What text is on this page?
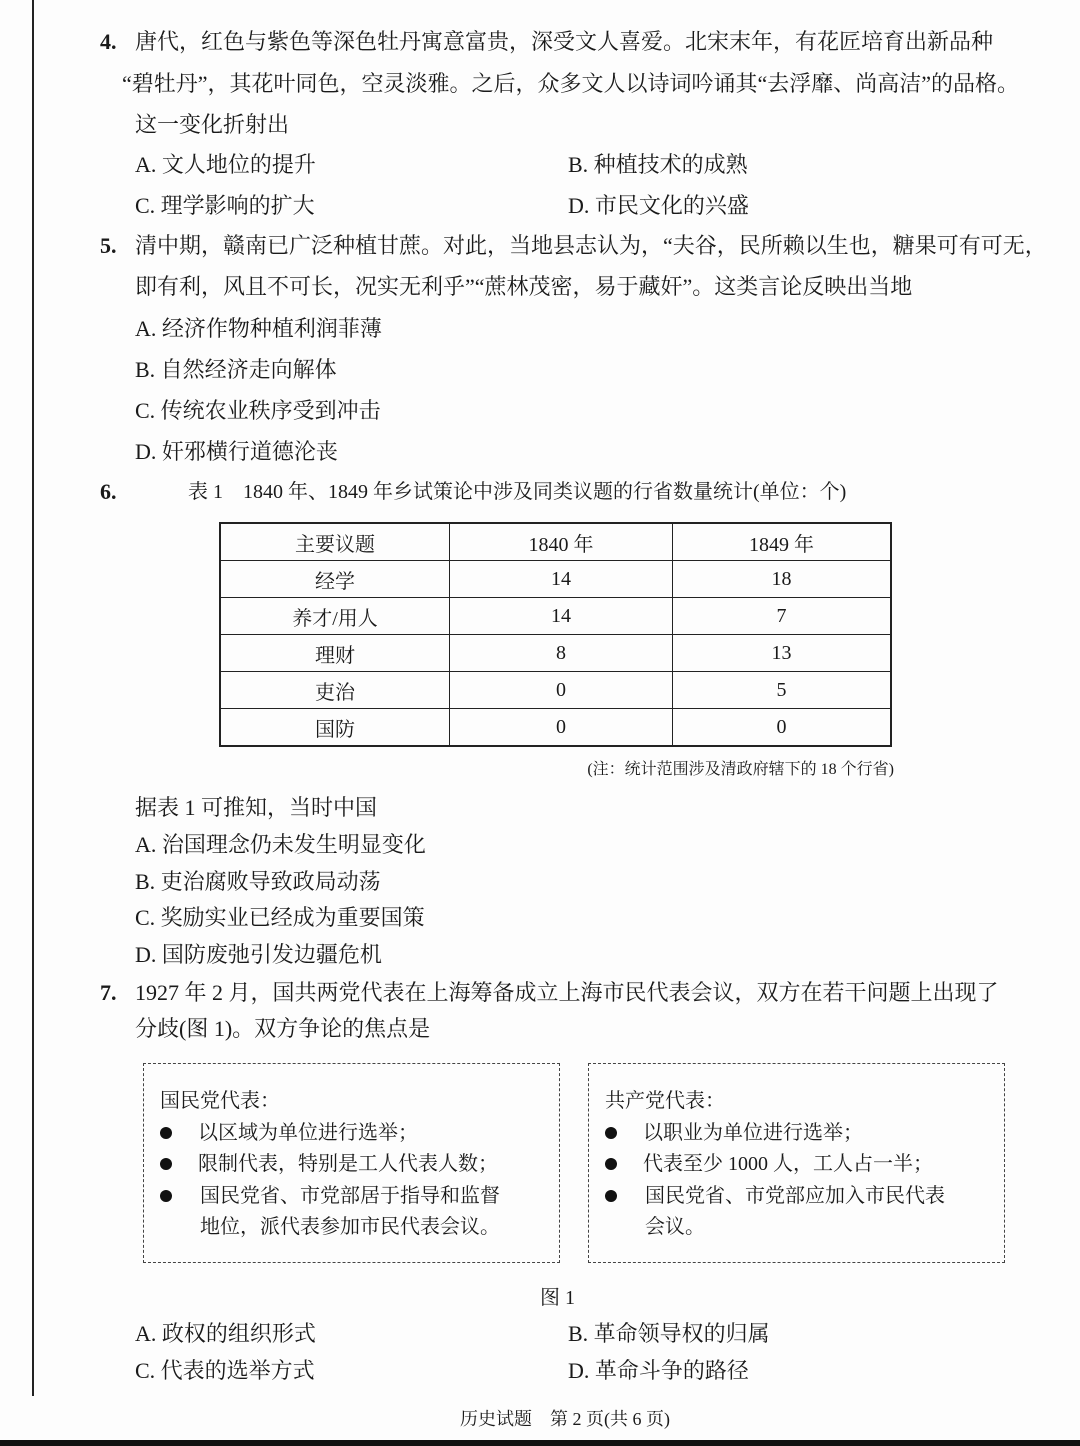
4. 唐代，红色与紫色等深色牡丹寓意富贵，深受文人喜爱。北宋末年，有花匠培育出新品种
“碧牡丹”，其花叶同色，空灵淡雅。之后，众多文人以诗词吟诵其“去浮靡、尚高洁”的品格。
这一变化折射出
A. 文人地位的提升	B. 种植技术的成熟
C. 理学影响的扩大	D. 市民文化的兴盛
5. 清中期，赣南已广泛种植甘蔗。对此，当地县志认为，“夫谷，民所赖以生也，糖果可有可无，
即有利，风且不可长，况实无利乎”“蔗林茂密，易于藏奸”。这类言论反映出当地
A. 经济作物种植利润菲薄
B. 自然经济走向解体
C. 传统农业秩序受到冲击
D. 奸邪横行道德沦丧
6.	表 1　1840 年、1849 年乡试策论中涉及同类议题的行省数量统计(单位：个)
主要议题	1840 年	1849 年
经学	14	18
养才/用人	14	7
理财	8	13
吏治	0	5
国防	0	0
(注：统计范围涉及清政府辖下的 18 个行省)
据表 1 可推知，当时中国
A. 治国理念仍未发生明显变化
B. 吏治腐败导致政局动荡
C. 奖励实业已经成为重要国策
D. 国防废弛引发边疆危机
7. 1927 年 2 月，国共两党代表在上海筹备成立上海市民代表会议，双方在若干问题上出现了
分歧(图 1)。双方争论的焦点是
国民党代表：
以区域为单位进行选举；
限制代表，特别是工人代表人数；
国民党省、市党部居于指导和监督
地位，派代表参加市民代表会议。
共产党代表：
以职业为单位进行选举；
代表至少 1000 人，工人占一半；
国民党省、市党部应加入市民代表
会议。
图 1
A. 政权的组织形式	B. 革命领导权的归属
C. 代表的选举方式	D. 革命斗争的路径
历史试题　第 2 页(共 6 页)
